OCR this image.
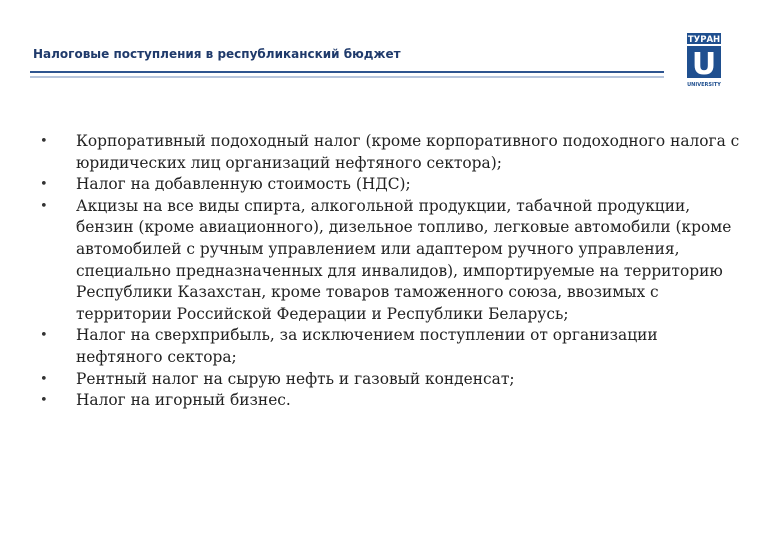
Налоговые поступления в республиканский бюджет
ТУРАН
U
UNIVERSITY
• Корпоративный подоходный налог (кроме корпоративного подоходного налога с юридических лиц организаций нефтяного сектора);
• Налог на добавленную стоимость (НДС);
• Акцизы на все виды спирта, алкогольной продукции, табачной продукции, бензин (кроме авиационного), дизельное топливо, легковые автомобили (кроме автомобилей с ручным управлением или адаптером ручного управления, специально предназначенных для инвалидов), импортируемые на территорию Республики Казахстан, кроме товаров таможенного союза, ввозимых с территории Российской Федерации и Республики Беларусь;
• Налог на сверхприбыль, за исключением поступлении от организации нефтяного сектора;
• Рентный налог на сырую нефть и газовый конденсат;
• Налог на игорный бизнес.
